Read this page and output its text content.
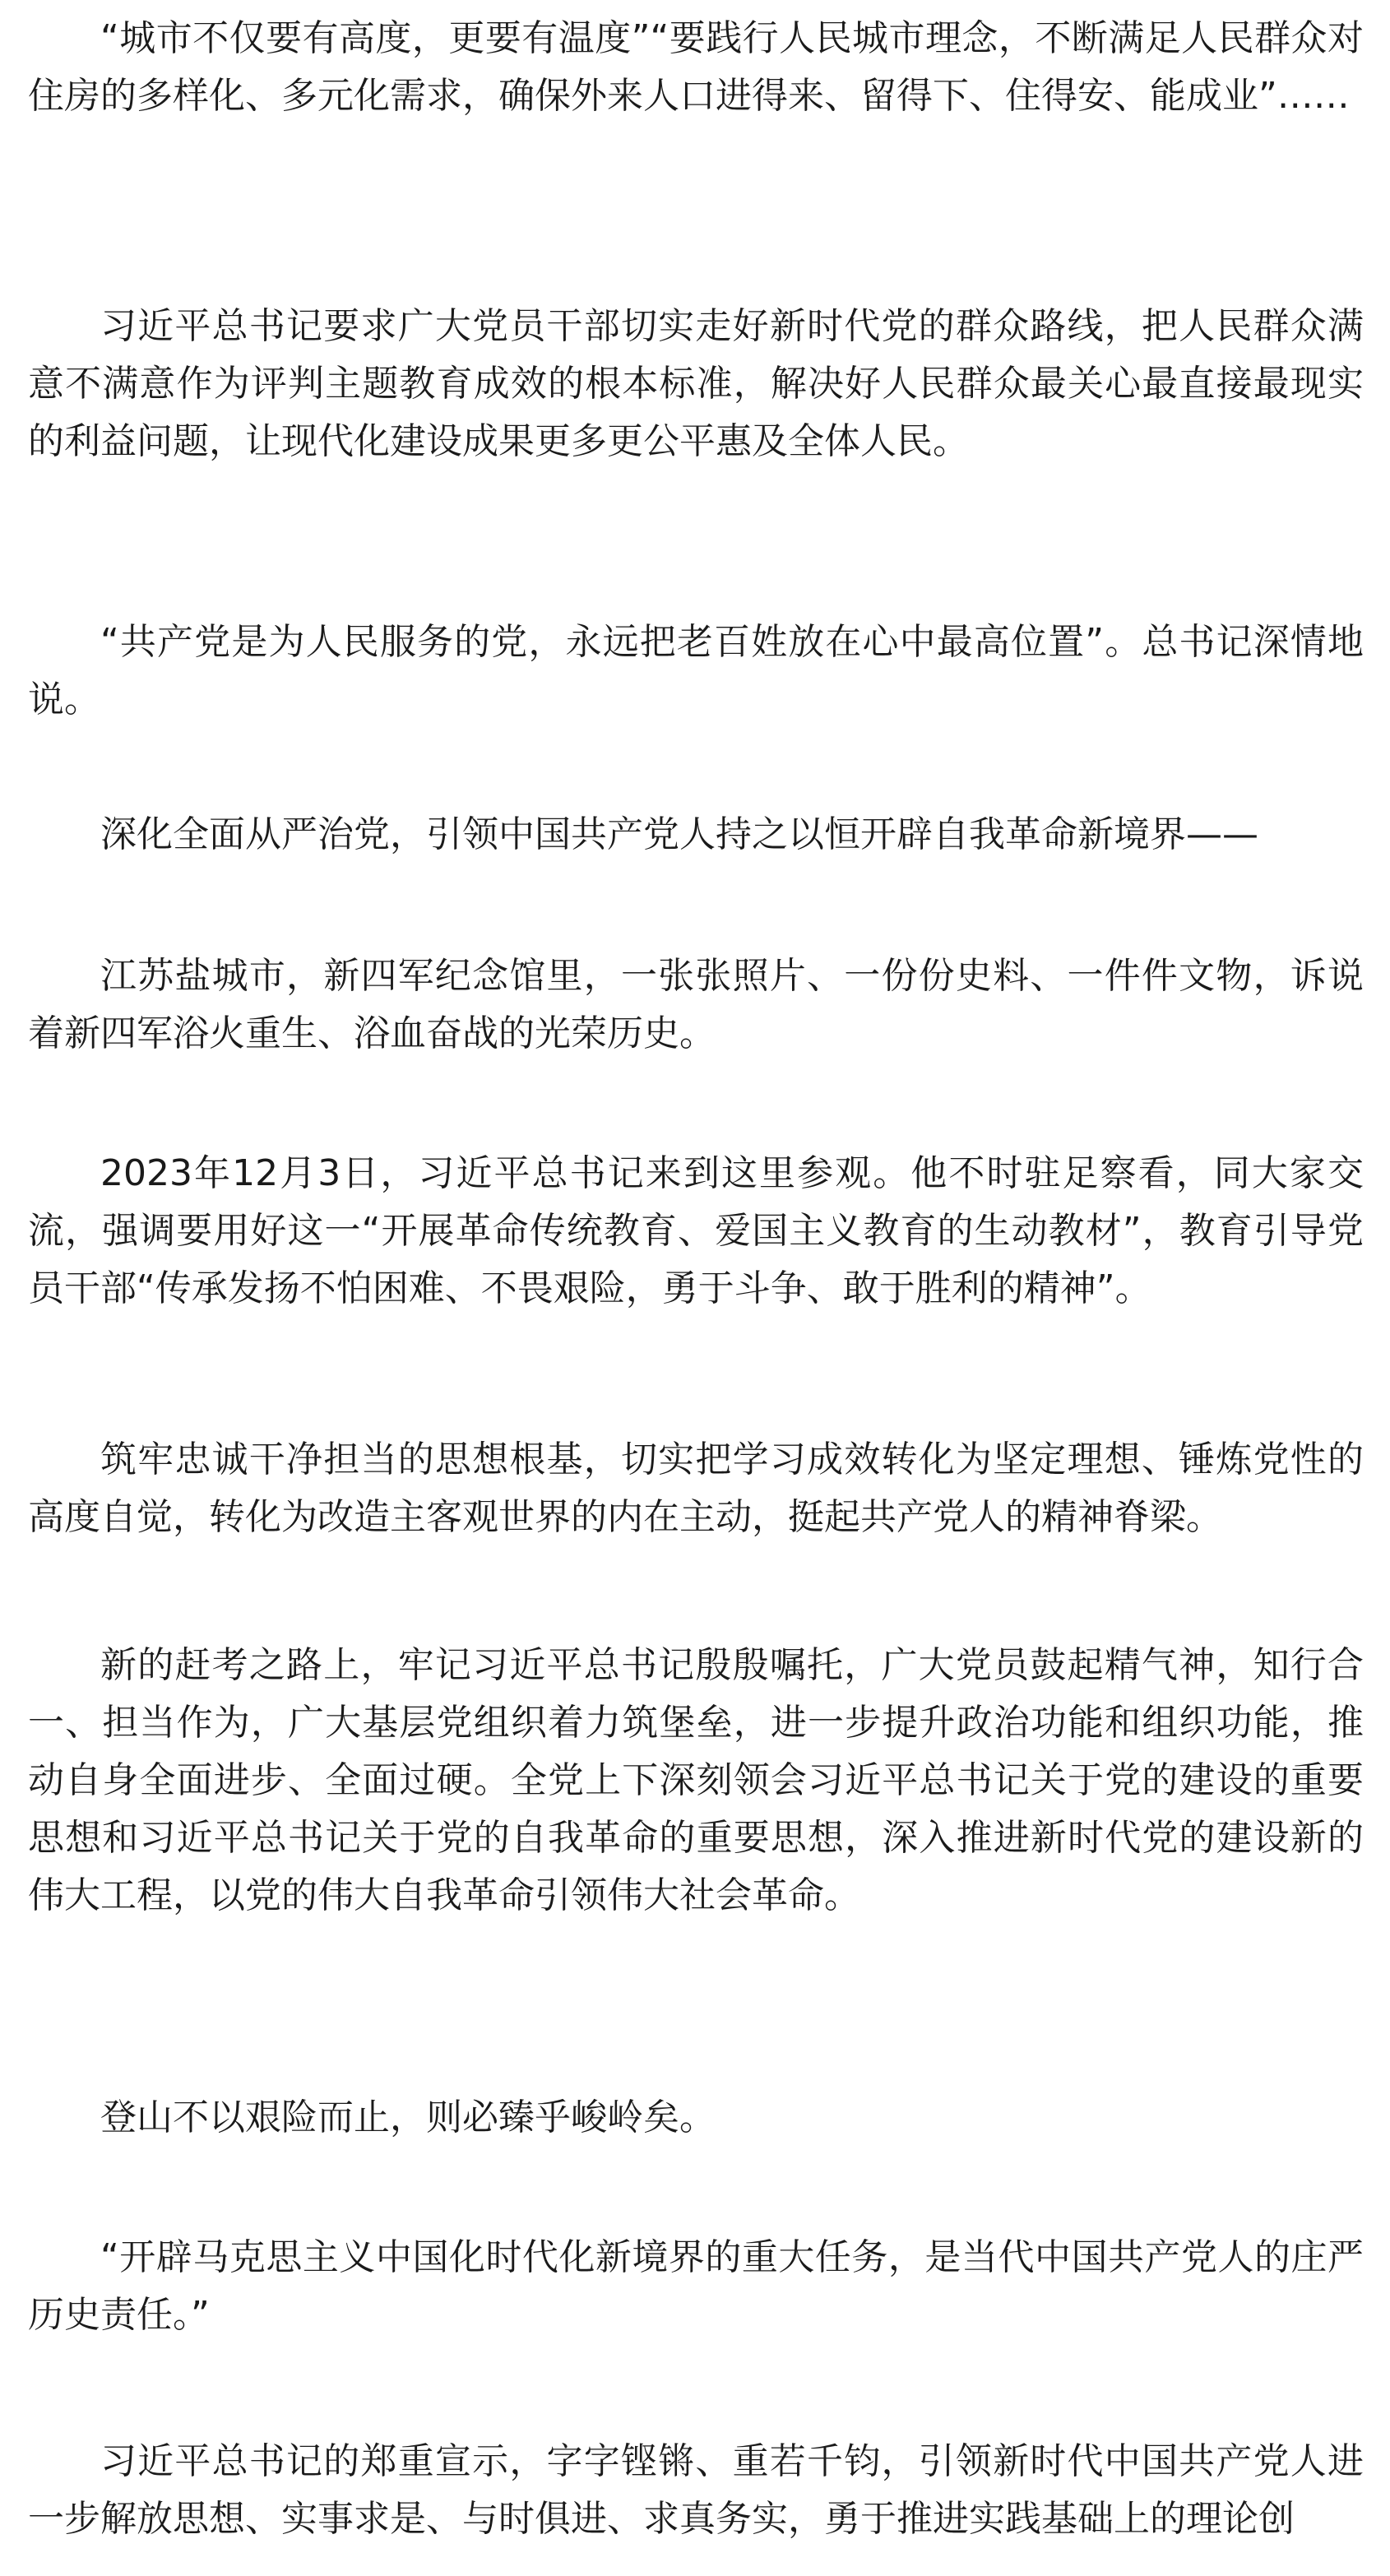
“城市不仅要有高度，更要有温度”“要践行人民城市理念，不断满足人民群众对住房的多样化、多元化需求，确保外来人口进得来、留得下、住得安、能成业”……

习近平总书记要求广大党员干部切实走好新时代党的群众路线，把人民群众满意不满意作为评判主题教育成效的根本标准，解决好人民群众最关心最直接最现实的利益问题，让现代化建设成果更多更公平惠及全体人民。

“共产党是为人民服务的党，永远把老百姓放在心中最高位置”。总书记深情地说。

深化全面从严治党，引领中国共产党人持之以恒开辟自我革命新境界——

江苏盐城市，新四军纪念馆里，一张张照片、一份份史料、一件件文物，诉说着新四军浴火重生、浴血奋战的光荣历史。

2023年12月3日，习近平总书记来到这里参观。他不时驻足察看，同大家交流，强调要用好这一“开展革命传统教育、爱国主义教育的生动教材”，教育引导党员干部“传承发扬不怕困难、不畏艰险，勇于斗争、敢于胜利的精神”。

筑牢忠诚干净担当的思想根基，切实把学习成效转化为坚定理想、锤炼党性的高度自觉，转化为改造主客观世界的内在主动，挺起共产党人的精神脊梁。

新的赶考之路上，牢记习近平总书记殷殷嘱托，广大党员鼓起精气神，知行合一、担当作为，广大基层党组织着力筑堡垒，进一步提升政治功能和组织功能，推动自身全面进步、全面过硬。全党上下深刻领会习近平总书记关于党的建设的重要思想和习近平总书记关于党的自我革命的重要思想，深入推进新时代党的建设新的伟大工程，以党的伟大自我革命引领伟大社会革命。

登山不以艰险而止，则必臻乎峻岭矣。

“开辟马克思主义中国化时代化新境界的重大任务，是当代中国共产党人的庄严历史责任。”

习近平总书记的郑重宣示，字字铿锵、重若千钧，引领新时代中国共产党人进一步解放思想、实事求是、与时俱进、求真务实，勇于推进实践基础上的理论创
